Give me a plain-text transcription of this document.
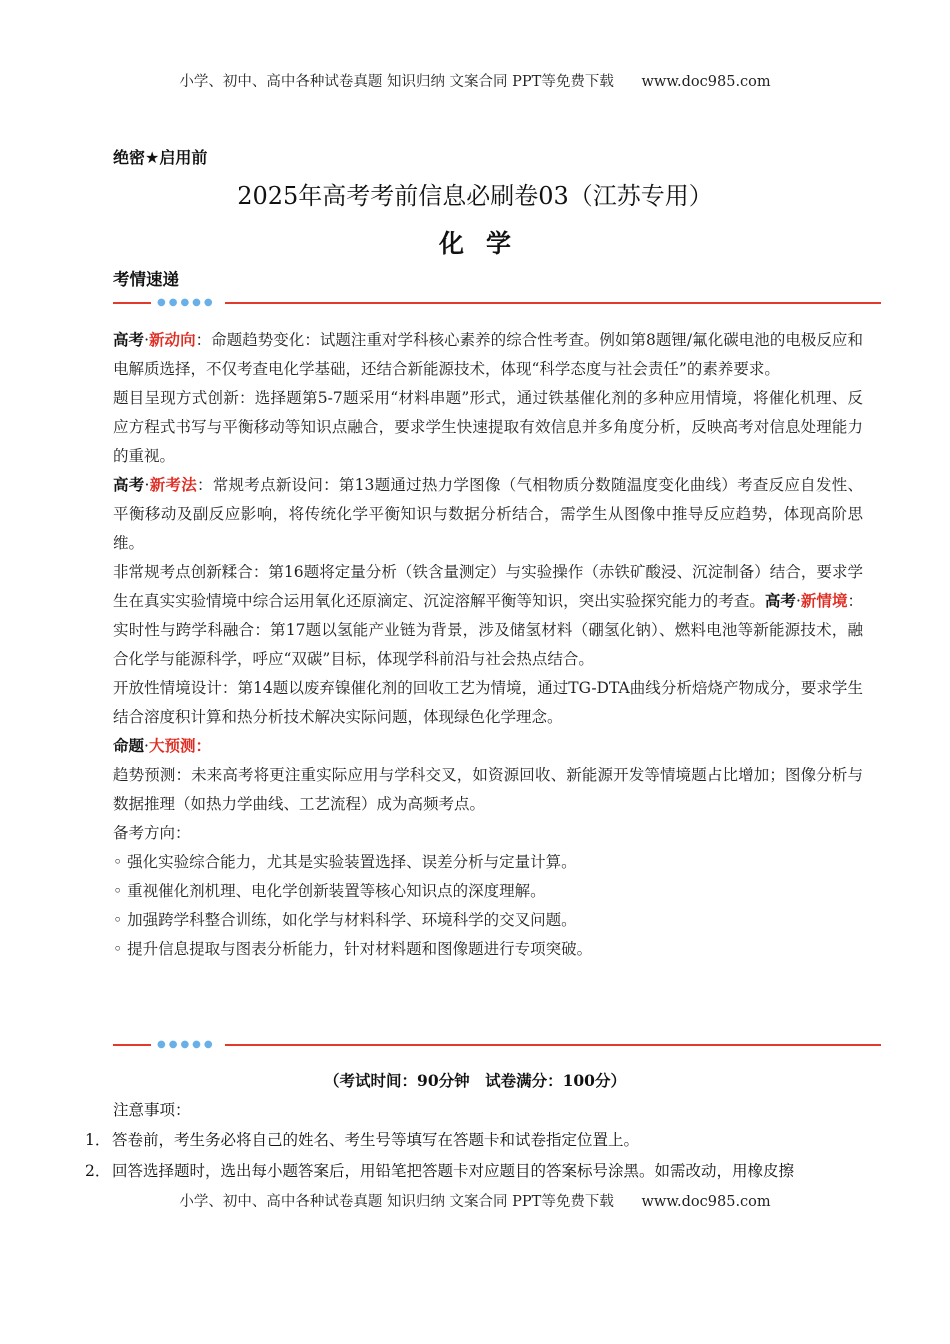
小学、初中、高中各种试卷真题 知识归纳 文案合同 PPT等免费下载 www.doc985.com
绝密★启用前
2025年高考考前信息必刷卷03（江苏专用）
化学
考情速递
●●●●●

高考·新动向：命题趋势变化：试题注重对学科核心素养的综合性考查。例如第8题锂/氟化碳电池的电极反应和电解质选择，不仅考查电化学基础，还结合新能源技术，体现“科学态度与社会责任”的素养要求。

题目呈现方式创新：选择题第5-7题采用“材料串题”形式，通过铁基催化剂的多种应用情境，将催化机理、反应方程式书写与平衡移动等知识点融合，要求学生快速提取有效信息并多角度分析，反映高考对信息处理能力的重视。

高考·新考法：常规考点新设问：第13题通过热力学图像（气相物质分数随温度变化曲线）考查反应自发性、平衡移动及副反应影响，将传统化学平衡知识与数据分析结合，需学生从图像中推导反应趋势，体现高阶思维。

非常规考点创新糅合：第16题将定量分析（铁含量测定）与实验操作（赤铁矿酸浸、沉淀制备）结合，要求学生在真实实验情境中综合运用氧化还原滴定、沉淀溶解平衡等知识，突出实验探究能力的考查。高考·新情境：实时性与跨学科融合：第17题以氢能产业链为背景，涉及储氢材料（硼氢化钠）、燃料电池等新能源技术，融合化学与能源科学，呼应“双碳”目标，体现学科前沿与社会热点结合。

开放性情境设计：第14题以废弃镍催化剂的回收工艺为情境，通过TG-DTA曲线分析焙烧产物成分，要求学生结合溶度积计算和热分析技术解决实际问题，体现绿色化学理念。

命题·大预测：

趋势预测：未来高考将更注重实际应用与学科交叉，如资源回收、新能源开发等情境题占比增加；图像分析与数据推理（如热力学曲线、工艺流程）成为高频考点。

备考方向：

◦ 强化实验综合能力，尤其是实验装置选择、误差分析与定量计算。

◦ 重视催化剂机理、电化学创新装置等核心知识点的深度理解。

◦ 加强跨学科整合训练，如化学与材料科学、环境科学的交叉问题。

◦ 提升信息提取与图表分析能力，针对材料题和图像题进行专项突破。

●●●●●
（考试时间：90分钟　试卷满分：100分）
注意事项：
1． 答卷前，考生务必将自己的姓名、考生号等填写在答题卡和试卷指定位置上。
2． 回答选择题时，选出每小题答案后，用铅笔把答题卡对应题目的答案标号涂黑。如需改动，用橡皮擦
小学、初中、高中各种试卷真题 知识归纳 文案合同 PPT等免费下载 www.doc985.com
